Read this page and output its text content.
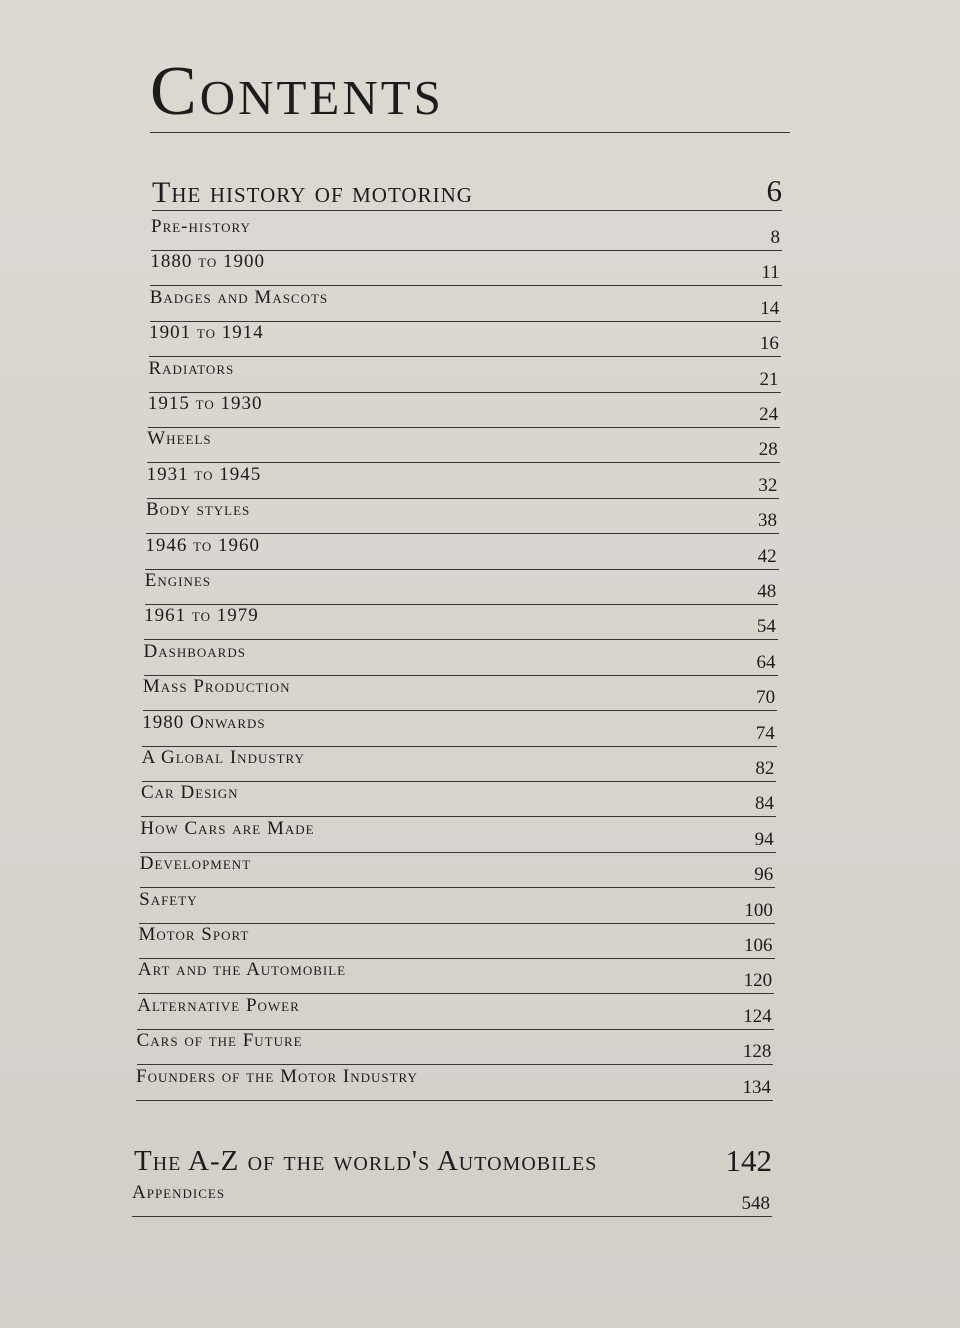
Contents
The history of motoring	6
Pre-history
8
1880 to 1900
11
Badges and Mascots
14
1901 to 1914
16
Radiators
21
1915 to 1930
24
Wheels
28
1931 to 1945
32
Body styles
38
1946 to 1960
42
Engines
48
1961 to 1979
54
Dashboards
64
Mass Production
70
1980 Onwards
74
A Global Industry
82
Car Design
84
How Cars are Made
94
Development
96
Safety
100
Motor Sport
106
Art and the Automobile
120
Alternative Power
124
Cars of the Future
128
Founders of the Motor Industry
134
The A-Z of the world's Automobiles	142
Appendices
548
